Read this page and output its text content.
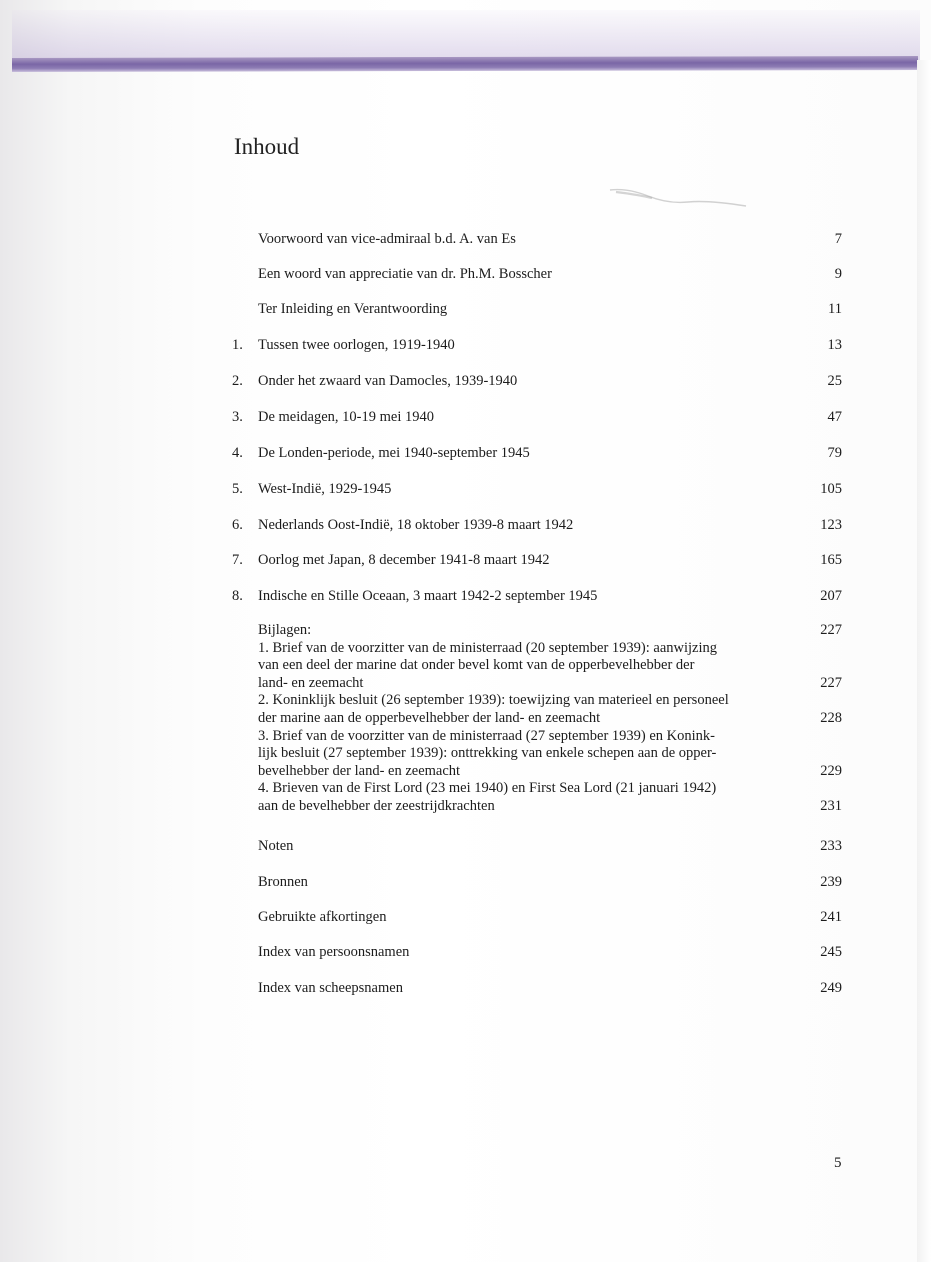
Inhoud
Voorwoord van vice-admiraal b.d. A. van Es	7
Een woord van appreciatie van dr. Ph.M. Bosscher	9
Ter Inleiding en Verantwoording	11
1. Tussen twee oorlogen, 1919-1940	13
2. Onder het zwaard van Damocles, 1939-1940	25
3. De meidagen, 10-19 mei 1940	47
4. De Londen-periode, mei 1940-september 1945	79
5. West-Indië, 1929-1945	105
6. Nederlands Oost-Indië, 18 oktober 1939-8 maart 1942	123
7. Oorlog met Japan, 8 december 1941-8 maart 1942	165
8. Indische en Stille Oceaan, 3 maart 1942-2 september 1945	207
Bijlagen:	227
1. Brief van de voorzitter van de ministerraad (20 september 1939): aanwijzing
van een deel der marine dat onder bevel komt van de opperbevelhebber der
land- en zeemacht	227
2. Koninklijk besluit (26 september 1939): toewijzing van materieel en personeel
der marine aan de opperbevelhebber der land- en zeemacht	228
3. Brief van de voorzitter van de ministerraad (27 september 1939) en Konink-
lijk besluit (27 september 1939): onttrekking van enkele schepen aan de opper-
bevelhebber der land- en zeemacht	229
4. Brieven van de First Lord (23 mei 1940) en First Sea Lord (21 januari 1942)
aan de bevelhebber der zeestrijdkrachten	231
Noten	233
Bronnen	239
Gebruikte afkortingen	241
Index van persoonsnamen	245
Index van scheepsnamen	249
5
